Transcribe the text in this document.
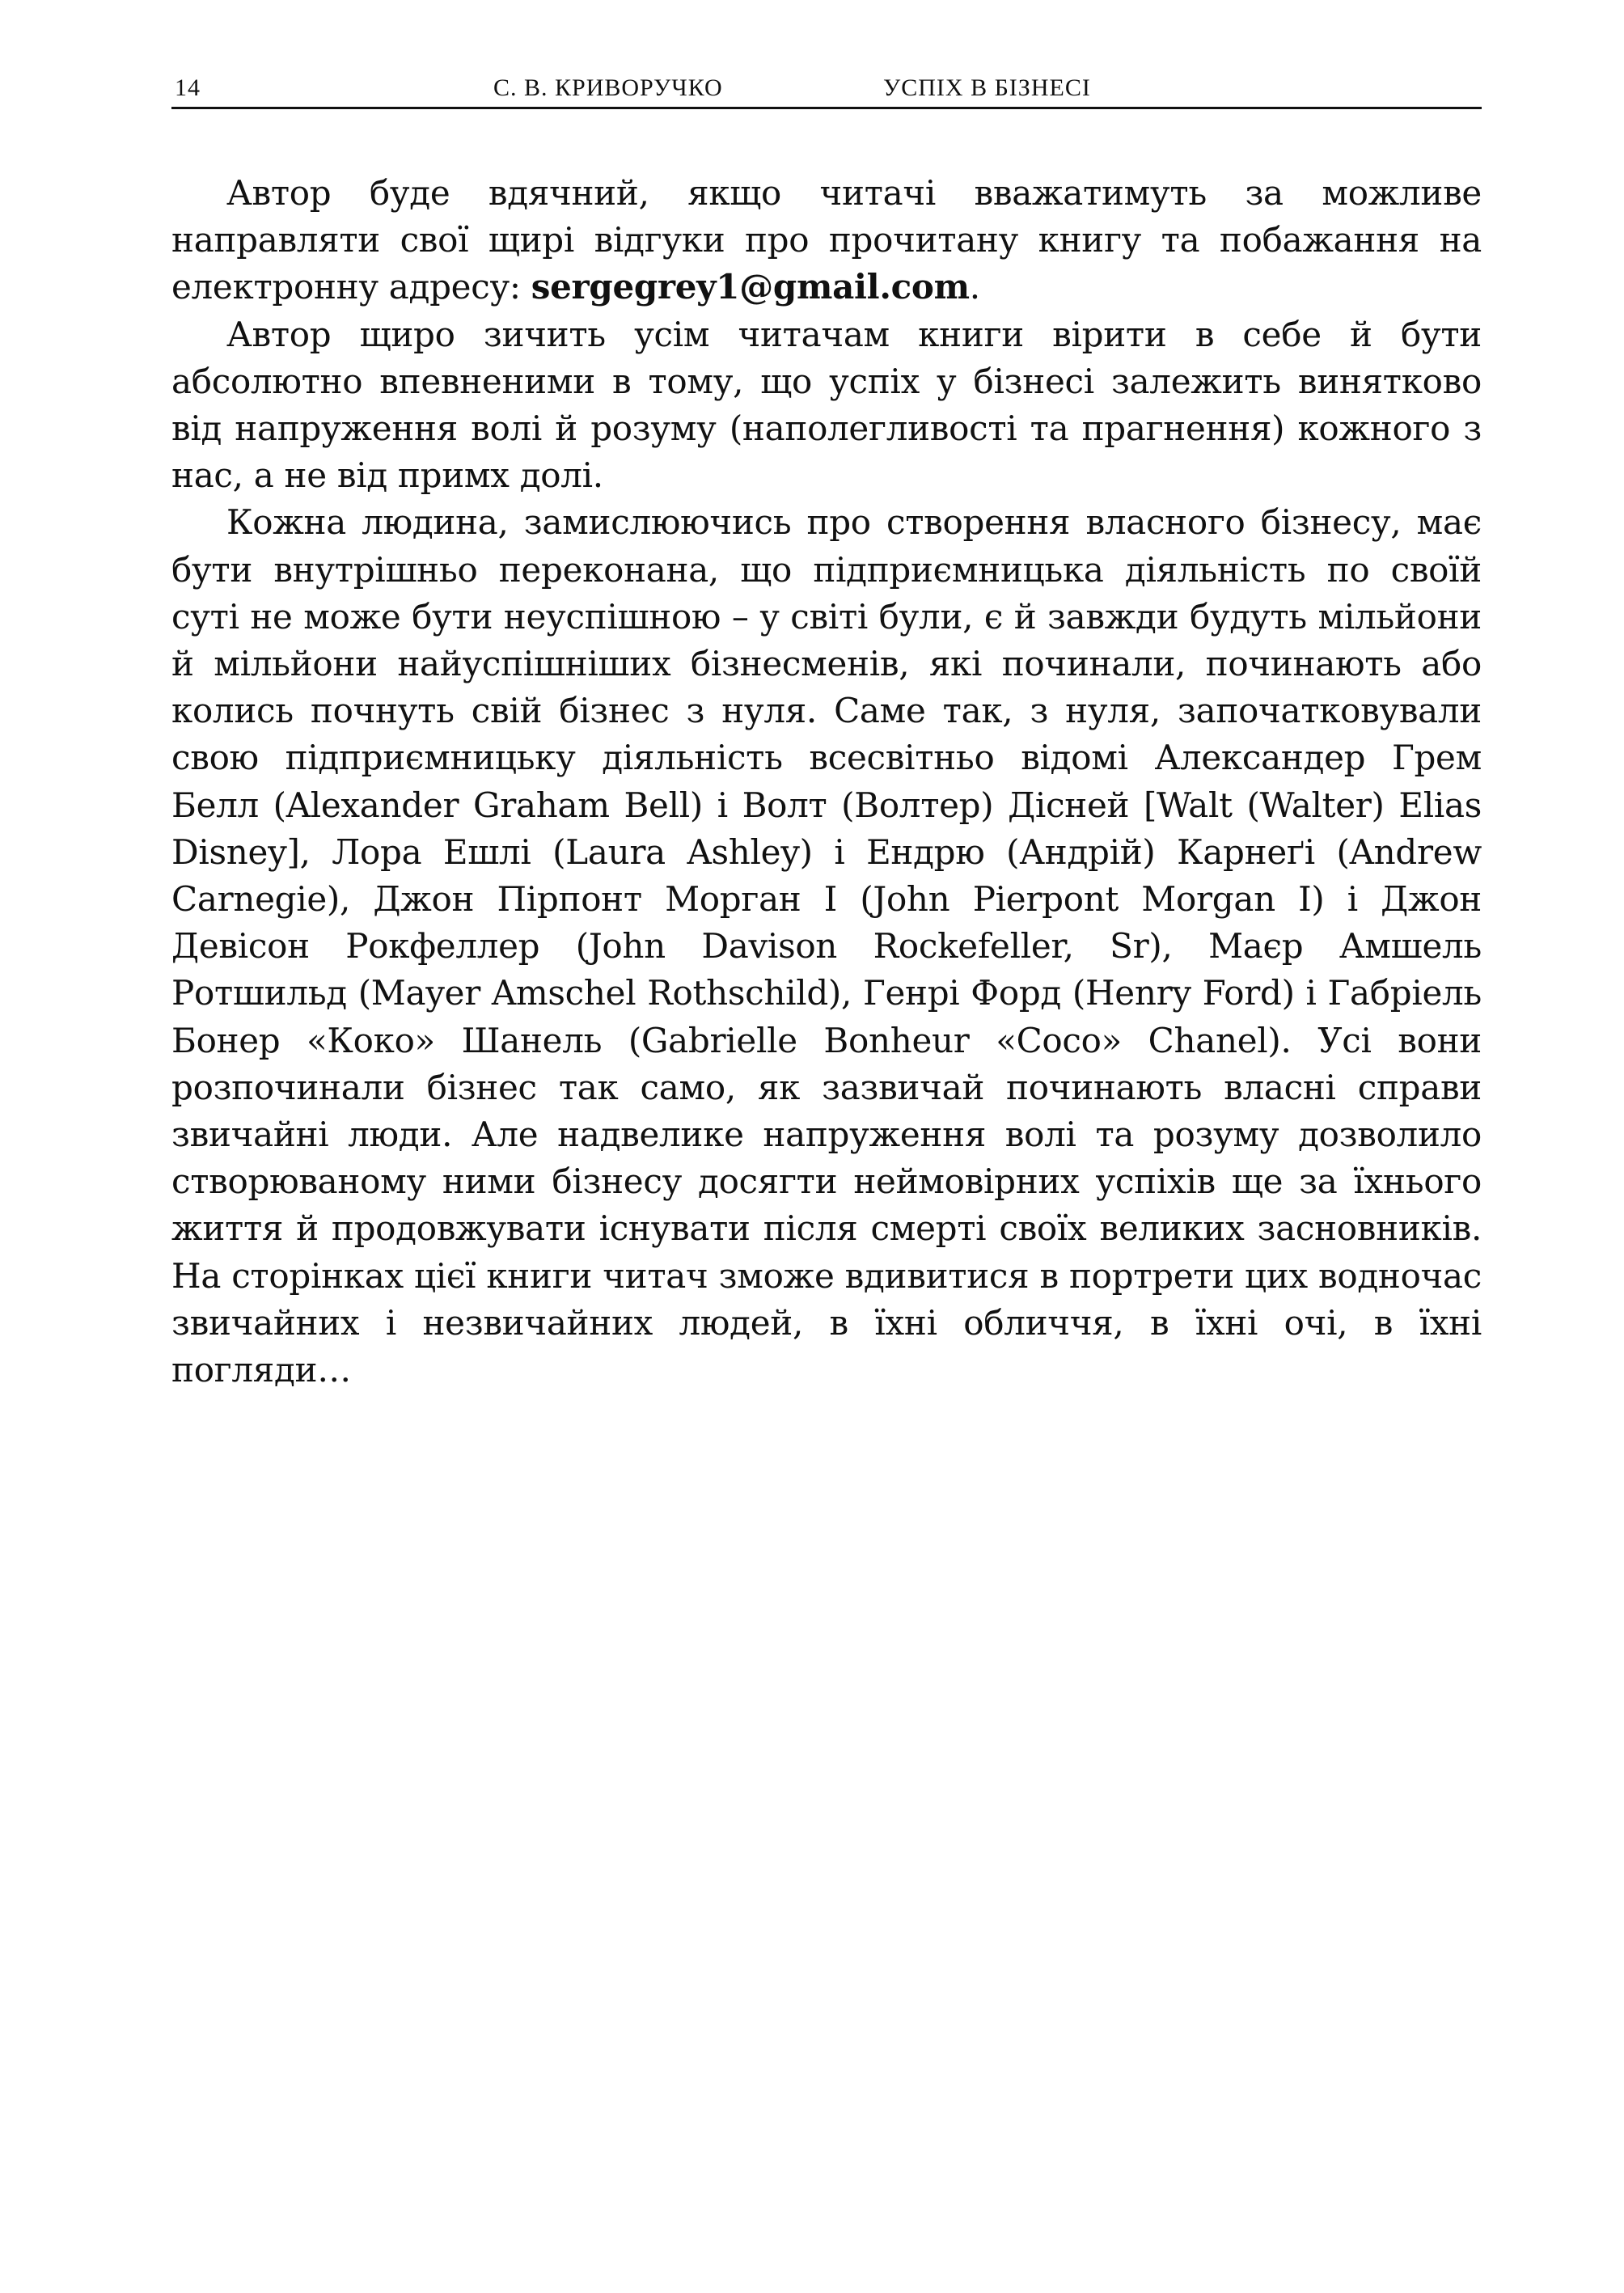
14	С. В. КРИВОРУЧКО	УСПІХ В БІЗНЕСІ

Автор буде вдячний, якщо читачі вважатимуть за можливе направляти свої щирі відгуки про прочитану книгу та побажання на електронну адресу: sergegrey1@gmail.com.

Автор щиро зичить усім читачам книги вірити в себе й бути абсолютно впевненими в тому, що успіх у бізнесі залежить винятково від напруження волі й розуму (наполегливості та прагнення) кожного з нас, а не від примх долі.

Кожна людина, замислюючись про створення власного бізнесу, має бути внутрішньо переконана, що підприємницька діяльність по своїй суті не може бути неуспішною – у світі були, є й завжди будуть мільйони й мільйони найуспішніших бізнесменів, які починали, починають або колись почнуть свій бізнес з нуля. Саме так, з нуля, започатковували свою підприємницьку діяльність всесвітньо відомі Александер Грем Белл (Alexander Graham Bell) і Волт (Волтер) Дісней [Walt (Walter) Elias Disney], Лора Ешлі (Laura Ashley) і Ендрю (Андрій) Карнеґі (Andrew Carnegie), Джон Пірпонт Морган І (John Pierpont Morgan I) і Джон Девісон Рокфеллер (John Davison Rockefeller, Sr), Маєр Амшель Ротшильд (Mayer Amschel Rothschild), Генрі Форд (Henry Ford) і Габріель Бонер «Коко» Шанель (Gabrielle Bonheur «Coco» Chanel). Усі вони розпочинали бізнес так само, як зазвичай починають власні справи звичайні люди. Але надвелике напруження волі та розуму дозволило створюваному ними бізнесу досягти неймовірних успіхів ще за їхнього життя й продовжувати існувати після смерті своїх великих засновників. На сторінках цієї книги читач зможе вдивитися в портрети цих водночас звичайних і незвичайних людей, в їхні обличчя, в їхні очі, в їхні погляди…
